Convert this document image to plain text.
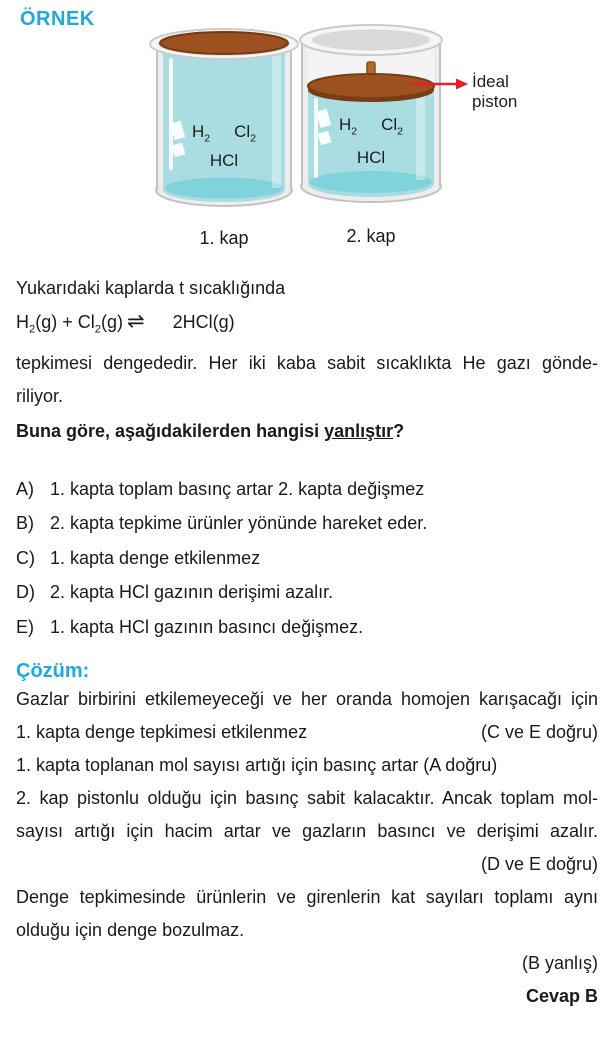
ÖRNEK
$H_2$ $Cl_2$
HCl
1. kap
$H_2$ $Cl_2$
HCl
2. kap
İdeal
piston

Yukarıdaki kaplarda t sıcaklığında

$H_2(g) + Cl_2(g)$ ⇌ 2HCl(g)

tepkimesi dengededir. Her iki kaba sabit sıcaklıkta He gazı gönde-

riliyor.

Buna göre, aşağıdakilerden hangisi yanlıştır?

A) 1. kapta toplam basınç artar 2. kapta değişmez
B) 2. kapta tepkime ürünler yönünde hareket eder.
C) 1. kapta denge etkilenmez
D) 2. kapta HCl gazının derişimi azalır.
E) 1. kapta HCl gazının basıncı değişmez.
Çözüm:

Gazlar birbirini etkilemeyeceği ve her oranda homojen karışacağı için

1. kapta denge tepkimesi etkilenmez	(C ve E doğru)

1. kapta toplanan mol sayısı artığı için basınç artar (A doğru)

2. kap pistonlu olduğu için basınç sabit kalacaktır. Ancak toplam mol-

sayısı artığı için hacim artar ve gazların basıncı ve derişimi azalır.

(D ve E doğru)

Denge tepkimesinde ürünlerin ve girenlerin kat sayıları toplamı aynı

olduğu için denge bozulmaz.

(B yanlış)

Cevap B
